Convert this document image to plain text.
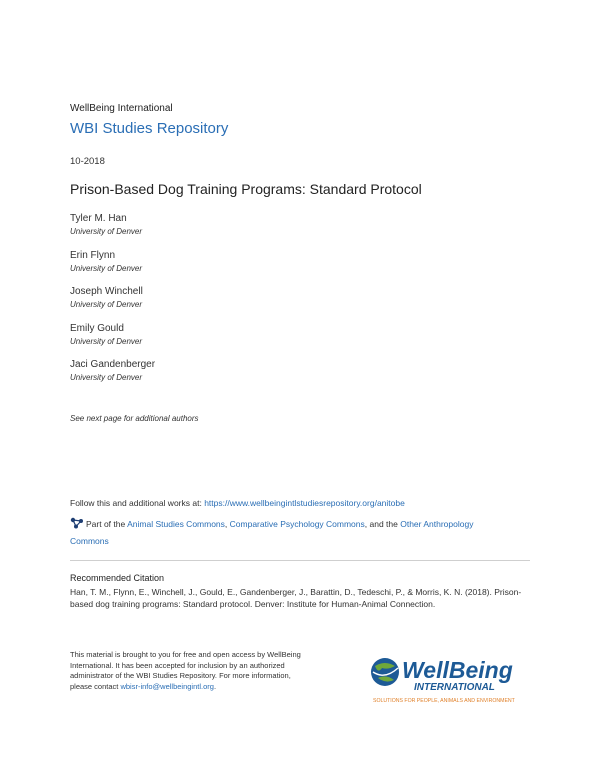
WellBeing International
WBI Studies Repository
10-2018
Prison-Based Dog Training Programs: Standard Protocol
Tyler M. Han
University of Denver
Erin Flynn
University of Denver
Joseph Winchell
University of Denver
Emily Gould
University of Denver
Jaci Gandenberger
University of Denver
See next page for additional authors
Follow this and additional works at: https://www.wellbeingintlstudiesrepository.org/anitobe
Part of the Animal Studies Commons, Comparative Psychology Commons, and the Other Anthropology Commons
Recommended Citation
Han, T. M., Flynn, E., Winchell, J., Gould, E., Gandenberger, J., Barattin, D., Tedeschi, P., & Morris, K. N. (2018). Prison-based dog training programs: Standard protocol. Denver: Institute for Human-Animal Connection.
This material is brought to you for free and open access by WellBeing International. It has been accepted for inclusion by an authorized administrator of the WBI Studies Repository. For more information, please contact wbisr-info@wellbeingintl.org.
WellBeing
INTERNATIONAL
SOLUTIONS FOR PEOPLE, ANIMALS AND ENVIRONMENT
